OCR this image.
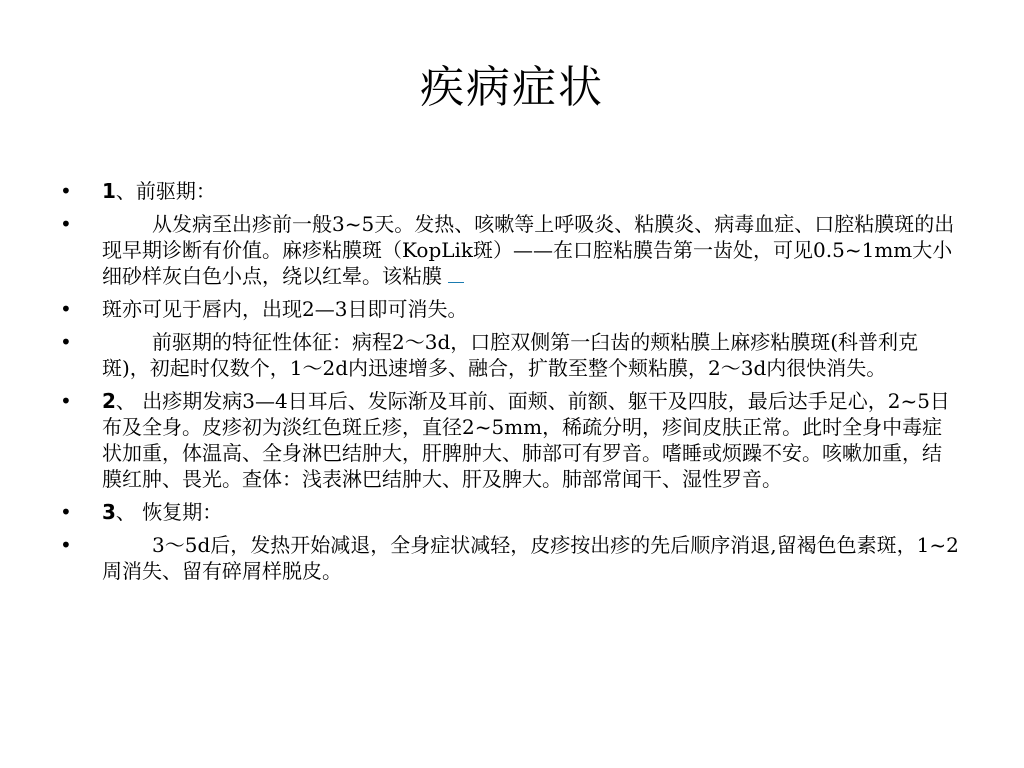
疾病症状
•	1、前驱期：
•	从发病至出疹前一般3~5天。发热、咳嗽等上呼吸炎、粘膜炎、病毒血症、口腔粘膜斑的出现早期诊断有价值。麻疹粘膜斑（KopLik斑）——在口腔粘膜告第一齿处，可见0.5~1mm大小细砂样灰白色小点，绕以红晕。该粘膜
•	斑亦可见于唇内，出现2—3日即可消失。
•	前驱期的特征性体征：病程2～3d，口腔双侧第一臼齿的颊粘膜上麻疹粘膜斑(科普利克斑)，初起时仅数个，1～2d内迅速增多、融合，扩散至整个颊粘膜，2～3d内很快消失。
•	2、 出疹期发病3—4日耳后、发际渐及耳前、面颊、前额、躯干及四肢，最后达手足心，2~5日布及全身。皮疹初为淡红色斑丘疹，直径2~5mm，稀疏分明，疹间皮肤正常。此时全身中毒症状加重，体温高、全身淋巴结肿大，肝脾肿大、肺部可有罗音。嗜睡或烦躁不安。咳嗽加重，结膜红肿、畏光。查体：浅表淋巴结肿大、肝及脾大。肺部常闻干、湿性罗音。
•	3、 恢复期：
•	3～5d后，发热开始减退，全身症状减轻，皮疹按出疹的先后顺序消退,留褐色色素斑，1~2周消失、留有碎屑样脱皮。
